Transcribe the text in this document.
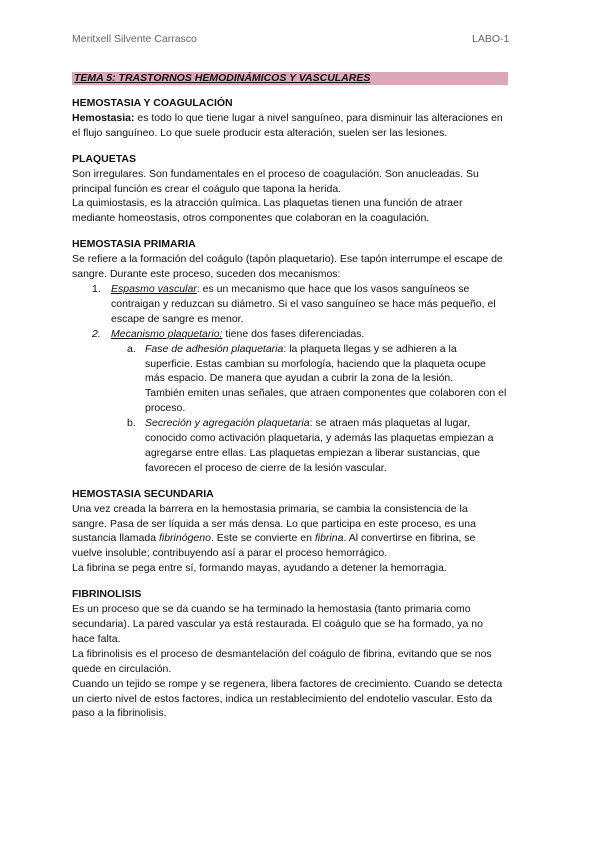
Meritxell Silvente Carrasco	LABO-1
TEMA 5: TRASTORNOS HEMODINÁMICOS Y VASCULARES
HEMOSTASIA Y COAGULACIÓN

Hemostasia: es todo lo que tiene lugar a nivel sanguíneo, para disminuir las alteraciones en

el flujo sanguíneo. Lo que suele producir esta alteración, suelen ser las lesiones.

PLAQUETAS

Son irregulares. Son fundamentales en el proceso de coagulación. Son anucleadas. Su

principal función es crear el coágulo que tapona la herida.

La quimiostasis, es la atracción química. Las plaquetas tienen una función de atraer

mediante homeostasis, otros componentes que colaboran en la coagulación.

HEMOSTASIA PRIMARIA

Se refiere a la formación del coágulo (tapón plaquetario). Ese tapón interrumpe el escape de

sangre. Durante este proceso, suceden dos mecanismos:

1. Espasmo vascular: es un mecanismo que hace que los vasos sanguíneos se

contraigan y reduzcan su diámetro. Si el vaso sanguíneo se hace más pequeño, el

escape de sangre es menor.

2. Mecanismo plaquetario: tiene dos fases diferenciadas.

a. Fase de adhesión plaquetaria: la plaqueta llegas y se adhieren a la

superficie. Estas cambian su morfología, haciendo que la plaqueta ocupe

más espacio. De manera que ayudan a cubrir la zona de la lesión.

También emiten unas señales, que atraen componentes que colaboren con el

proceso.

b. Secreción y agregación plaquetaria: se atraen más plaquetas al lugar,

conocido como activación plaquetaria, y además las plaquetas empiezan a

agregarse entre ellas. Las plaquetas empiezan a liberar sustancias, que

favorecen el proceso de cierre de la lesión vascular.

HEMOSTASIA SECUNDARIA

Una vez creada la barrera en la hemostasia primaria, se cambia la consistencia de la

sangre. Pasa de ser líquida a ser más densa. Lo que participa en este proceso, es una

sustancia llamada fibrinógeno. Este se convierte en fibrina. Al convertirse en fibrina, se

vuelve insoluble; contribuyendo así a parar el proceso hemorrágico.

La fibrina se pega entre sí, formando mayas, ayudando a detener la hemorragia.

FIBRINOLISIS

Es un proceso que se da cuando se ha terminado la hemostasia (tanto primaria como

secundaria). La pared vascular ya está restaurada. El coágulo que se ha formado, ya no

hace falta.

La fibrinolisis es el proceso de desmantelación del coágulo de fibrina, evitando que se nos

quede en circulación.

Cuando un tejido se rompe y se regenera, libera factores de crecimiento. Cuando se detecta

un cierto nivel de estos factores, indica un restablecimiento del endotelio vascular. Esto da

paso a la fibrinolisis.
